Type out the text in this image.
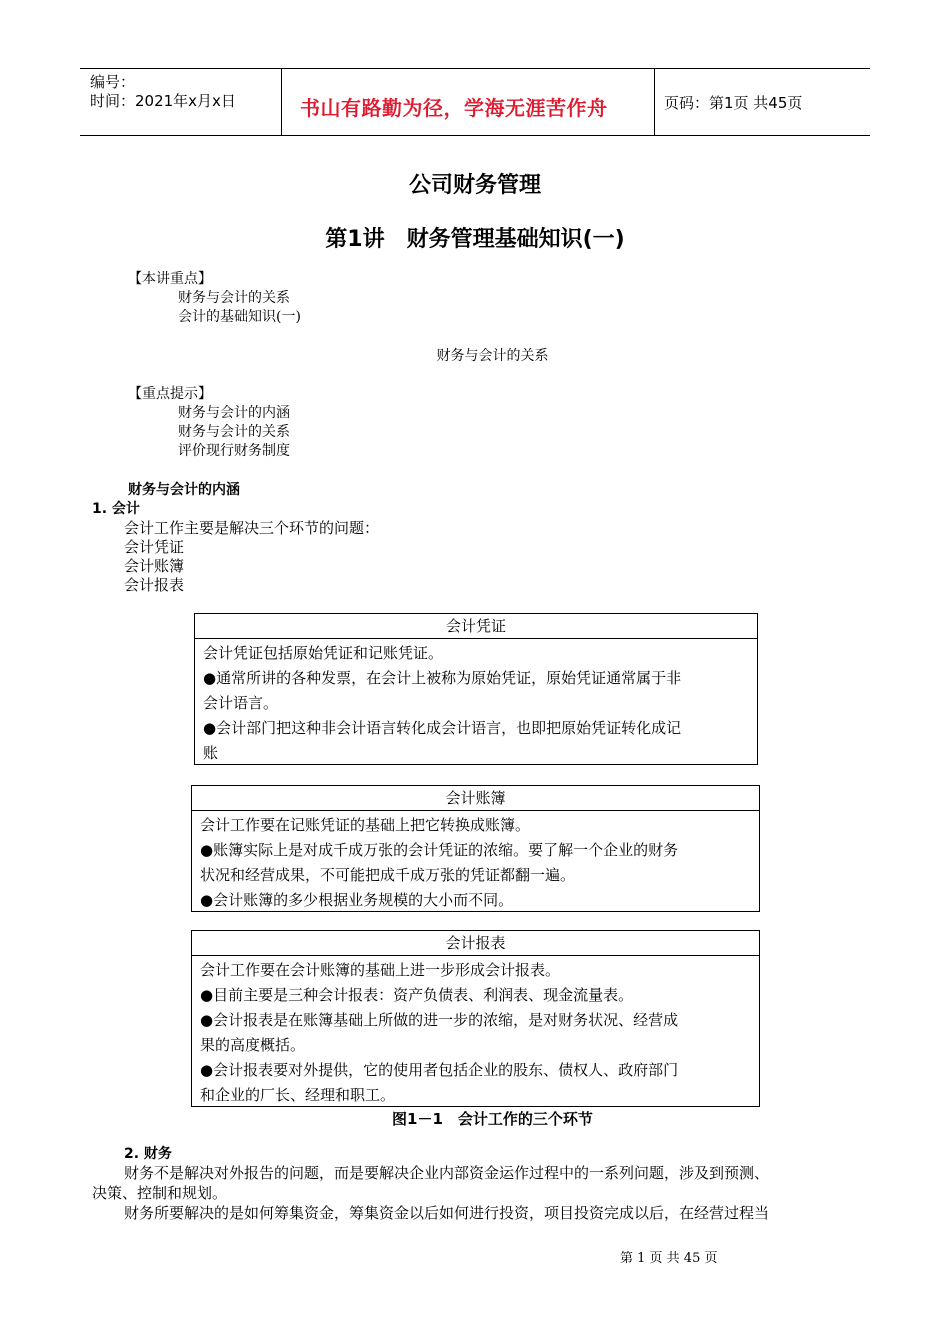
编号：
时间：2021年x月x日	书山有路勤为径，学海无涯苦作舟	页码：第1页 共45页
公司财务管理
第1讲　财务管理基础知识(一)
【本讲重点】
财务与会计的关系
会计的基础知识(一)
财务与会计的关系
【重点提示】
财务与会计的内涵
财务与会计的关系
评价现行财务制度
财务与会计的内涵
1. 会计
会计工作主要是解决三个环节的问题：
会计凭证
会计账簿
会计报表
会计凭证

会计凭证包括原始凭证和记账凭证。

●通常所讲的各种发票，在会计上被称为原始凭证，原始凭证通常属于非

会计语言。

●会计部门把这种非会计语言转化成会计语言，也即把原始凭证转化成记

账

会计账簿

会计工作要在记账凭证的基础上把它转换成账簿。

●账簿实际上是对成千成万张的会计凭证的浓缩。要了解一个企业的财务

状况和经营成果，不可能把成千成万张的凭证都翻一遍。

●会计账簿的多少根据业务规模的大小而不同。

会计报表

会计工作要在会计账簿的基础上进一步形成会计报表。

●目前主要是三种会计报表：资产负债表、利润表、现金流量表。

●会计报表是在账簿基础上所做的进一步的浓缩，是对财务状况、经营成

果的高度概括。

●会计报表要对外提供，它的使用者包括企业的股东、债权人、政府部门

和企业的厂长、经理和职工。

图1－1　会计工作的三个环节
2. 财务
财务不是解决对外报告的问题，而是要解决企业内部资金运作过程中的一系列问题，涉及到预测、
决策、控制和规划。
财务所要解决的是如何筹集资金，筹集资金以后如何进行投资，项目投资完成以后，在经营过程当
第 1 页 共 45 页
